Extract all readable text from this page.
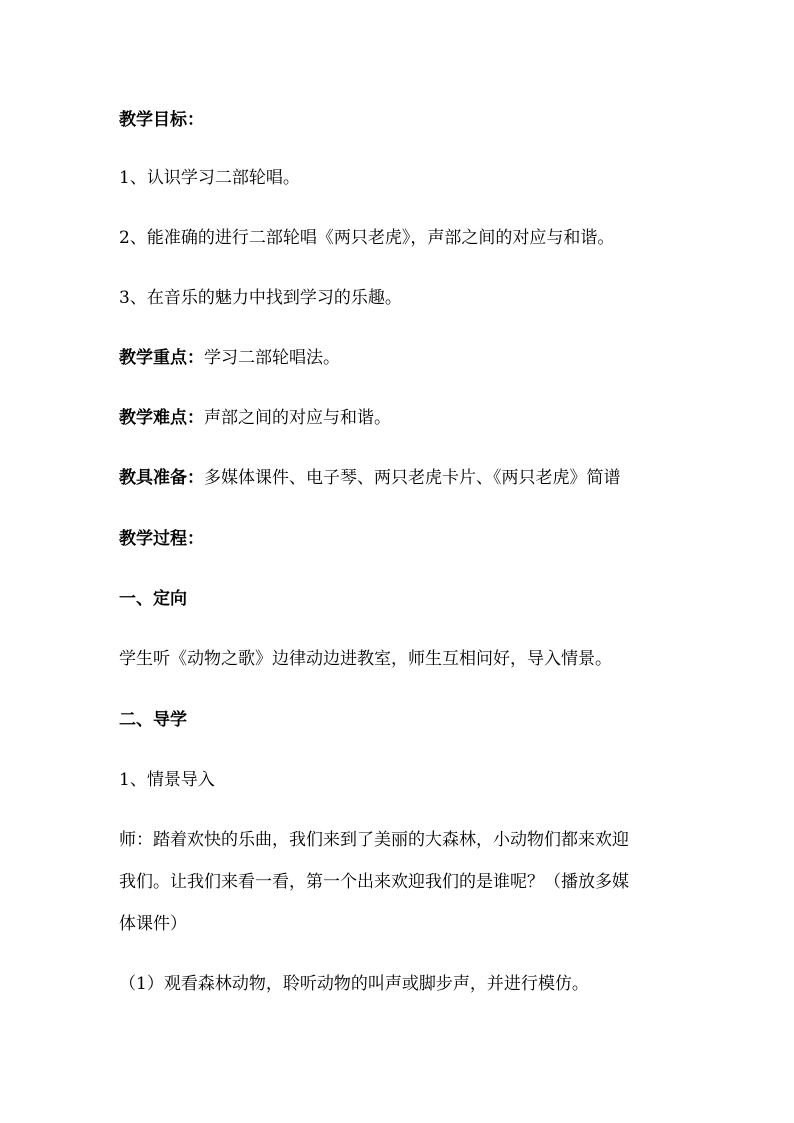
教学目标：
1、认识学习二部轮唱。
2、能准确的进行二部轮唱《两只老虎》，声部之间的对应与和谐。
3、在音乐的魅力中找到学习的乐趣。
教学重点：学习二部轮唱法。
教学难点：声部之间的对应与和谐。
教具准备：多媒体课件、电子琴、两只老虎卡片、《两只老虎》简谱
教学过程：
一、定向
学生听《动物之歌》边律动边进教室，师生互相问好，导入情景。
二、导学
1、情景导入
师：踏着欢快的乐曲，我们来到了美丽的大森林，小动物们都来欢迎
我们。让我们来看一看，第一个出来欢迎我们的是谁呢？（播放多媒
体课件）
（1）观看森林动物，聆听动物的叫声或脚步声，并进行模仿。
